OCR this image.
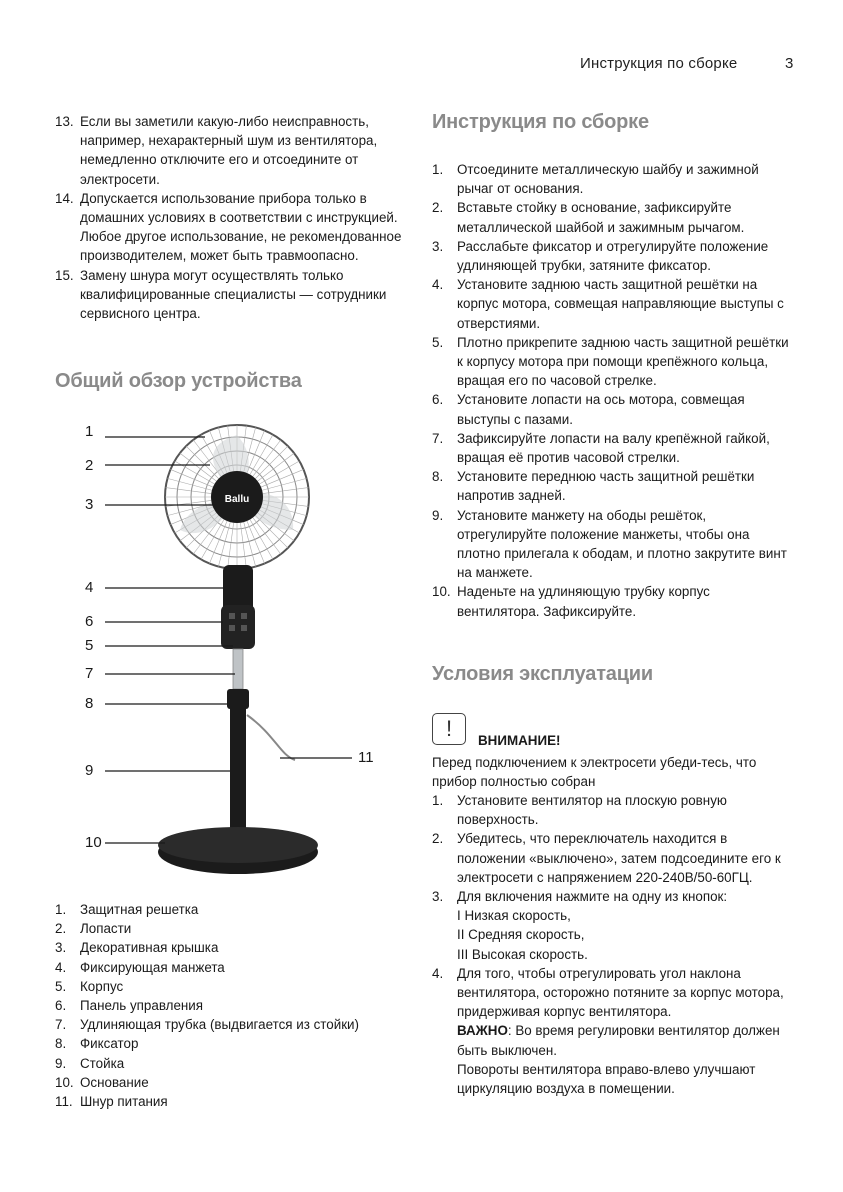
Инструкция по сборке	3
13. Если вы заметили какую-либо неисправность, например, нехарактерный шум из вентилятора, немедленно отключите его и отсоедините от электросети.
14. Допускается использование прибора только в домашних условиях в соответствии с инструкцией. Любое другое использование, не рекомендованное производителем, может быть травмоопасно.
15. Замену шнура могут осуществлять только квалифицированные специалисты — сотрудники сервисного центра.
Общий обзор устройства
Ballu
1
2
3
4
6
5
7
8
11
9
10
1. Защитная решетка
2. Лопасти
3. Декоративная крышка
4. Фиксирующая манжета
5. Корпус
6. Панель управления
7. Удлиняющая трубка (выдвигается из стойки)
8. Фиксатор
9. Стойка
10. Основание
11. Шнур питания
Инструкция по сборке
1. Отсоедините металлическую шайбу и зажимной рычаг от основания.
2. Вставьте стойку в основание, зафиксируйте металлической шайбой и зажимным рычагом.
3. Расслабьте фиксатор и отрегулируйте положение удлиняющей трубки, затяните фиксатор.
4. Установите заднюю часть защитной решётки на корпус мотора, совмещая направляющие выступы с отверстиями.
5. Плотно прикрепите заднюю часть защитной решётки к корпусу мотора при помощи крепёжного кольца, вращая его по часовой стрелке.
6. Установите лопасти на ось мотора, совмещая выступы с пазами.
7. Зафиксируйте лопасти на валу крепёжной гайкой, вращая её против часовой стрелки.
8. Установите переднюю часть защитной решётки напротив задней.
9. Установите манжету на ободы решёток, отрегулируйте положение манжеты, чтобы она плотно прилегала к ободам, и плотно закрутите винт на манжете.
10. Наденьте на удлиняющую трубку корпус вентилятора. Зафиксируйте.
Условия эксплуатации
!	ВНИМАНИЕ!
Перед подключением к электросети убеди-тесь, что прибор полностью собран
1. Установите вентилятор на плоскую ровную поверхность.
2. Убедитесь, что переключатель находится в положении «выключено», затем подсоедините его к электросети с напряжением 220-240В/50-60ГЦ.
3. Для включения нажмите на одну из кнопок:
I Низкая скорость,
II Средняя скорость,
III Высокая скорость.
4. Для того, чтобы отрегулировать угол наклона вентилятора, осторожно потяните за корпус мотора, придерживая корпус вентилятора.
ВАЖНО: Во время регулировки вентилятор должен быть выключен.
Повороты вентилятора вправо-влево улучшают циркуляцию воздуха в помещении.
